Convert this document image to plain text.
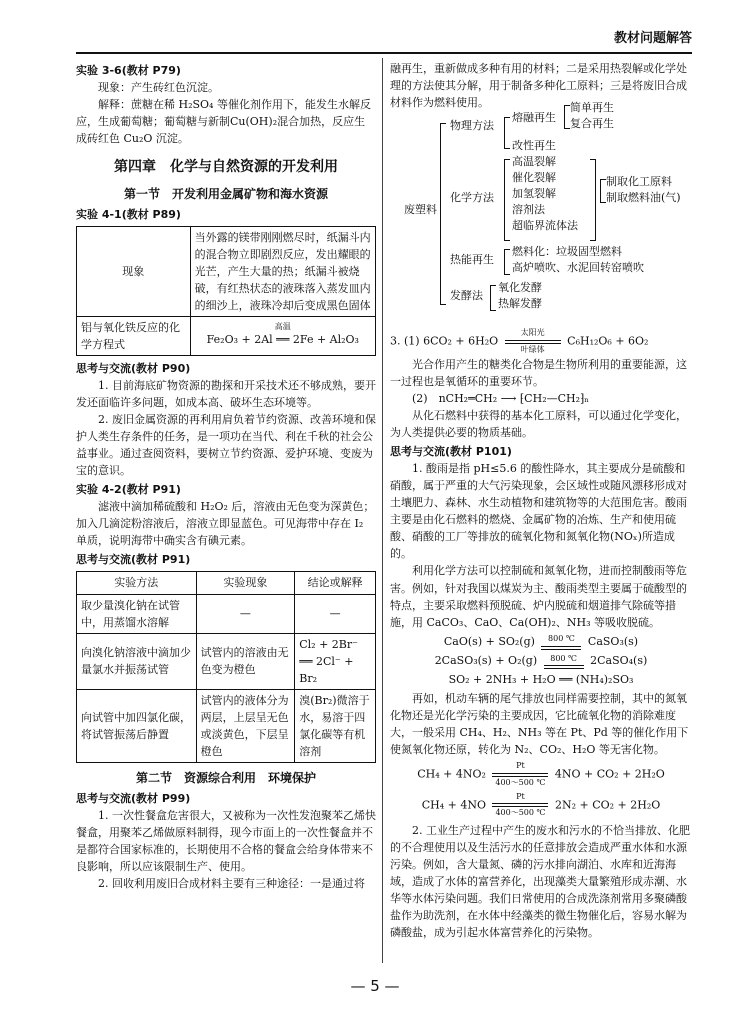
教材问题解答

实验 3-6(教材 P79)

现象：产生砖红色沉淀。

解释：蔗糖在稀 H₂SO₄ 等催化剂作用下，能发生水解反应，生成葡萄糖；葡萄糖与新制Cu(OH)₂混合加热，反应生成砖红色 Cu₂O 沉淀。

第四章　化学与自然资源的开发利用

第一节　开发利用金属矿物和海水资源

实验 4-1(教材 P89)

现象	当外露的镁带刚刚燃尽时，纸漏斗内的混合物立即剧烈反应，发出耀眼的光芒，产生大量的热；纸漏斗被烧破，有红热状态的液珠落入蒸发皿内的细沙上，液珠冷却后变成黑色固体
铝与氧化铁反应的化学方程式	高温
Fe₂O₃ + 2Al ══ 2Fe + Al₂O₃

思考与交流(教材 P90)

1. 目前海底矿物资源的勘探和开采技术还不够成熟，要开发还面临许多问题，如成本高、破坏生态环境等。

2. 废旧金属资源的再利用肩负着节约资源、改善环境和保护人类生存条件的任务，是一项功在当代、利在千秋的社会公益事业。通过查阅资料，要树立节约资源、爱护环境、变废为宝的意识。

实验 4-2(教材 P91)

滤液中滴加稀硫酸和 H₂O₂ 后，溶液由无色变为深黄色；加入几滴淀粉溶液后，溶液立即显蓝色。可见海带中存在 I₂ 单质，说明海带中确实含有碘元素。

思考与交流(教材 P91)

实验方法	实验现象	结论或解释
取少量溴化钠在试管中，用蒸馏水溶解	—	—
向溴化钠溶液中滴加少量氯水并振荡试管	试管内的溶液由无色变为橙色	Cl₂ + 2Br⁻ ══ 2Cl⁻ + Br₂
向试管中加四氯化碳，将试管振荡后静置	试管内的液体分为两层，上层呈无色或淡黄色，下层呈橙色	溴(Br₂)微溶于水，易溶于四氯化碳等有机溶剂

第二节　资源综合利用　环境保护

思考与交流(教材 P99)

1. 一次性餐盒危害很大，又被称为一次性发泡聚苯乙烯快餐盒，用聚苯乙烯做原料制得，现今市面上的一次性餐盒并不是都符合国家标准的，长期使用不合格的餐盒会给身体带来不良影响，所以应该限制生产、使用。

2. 回收利用废旧合成材料主要有三种途径：一是通过将

融再生，重新做成多种有用的材料；二是采用热裂解或化学处理的方法使其分解，用于制备多种化工原料；三是将废旧合成材料作为燃料使用。

废塑料
物理方法
熔融再生
简单再生
复合再生
改性再生
化学方法
高温裂解
催化裂解
加氢裂解
溶剂法
超临界流体法
制取化工原料
制取燃料油(气)
热能再生
燃料化：垃圾固型燃料
高炉喷吹、水泥回转窑喷吹
发酵法
氧化发酵
热解发酵

3. (1) 6CO₂ + 6H₂O
太阳光
叶绿体
C₆H₁₂O₆ + 6O₂

光合作用产生的糖类化合物是生物所利用的重要能源，这一过程也是氧循环的重要环节。

(2)　nCH₂═CH₂ ⟶ ⁅CH₂—CH₂⁆ₙ

从化石燃料中获得的基本化工原料，可以通过化学变化，为人类提供必要的物质基础。

思考与交流(教材 P101)

1. 酸雨是指 pH≤5.6 的酸性降水，其主要成分是硫酸和硝酸，属于严重的大气污染现象，会区域性或随风漂移形成对土壤肥力、森林、水生动植物和建筑物等的大范围危害。酸雨主要是由化石燃料的燃烧、金属矿物的冶炼、生产和使用硫酸、硝酸的工厂等排放的硫氧化物和氮氧化物(NOₓ)所造成的。

利用化学方法可以控制硫和氮氧化物，进而控制酸雨等危害。例如，针对我国以煤炭为主、酸雨类型主要属于硫酸型的特点，主要采取燃料预脱硫、炉内脱硫和烟道排气除硫等措施，用 CaCO₃、CaO、Ca(OH)₂、NH₃ 等吸收脱硫。

CaO(s) + SO₂(g)	800 ℃	CaSO₃(s)

2CaSO₃(s) + O₂(g)	800 ℃	2CaSO₄(s)

SO₂ + 2NH₃ + H₂O ══ (NH₄)₂SO₃

再如，机动车辆的尾气排放也同样需要控制，其中的氮氧化物还是光化学污染的主要成因，它比硫氧化物的消除难度大，一般采用 CH₄、H₂、NH₃ 等在 Pt、Pd 等的催化作用下使氮氧化物还原，转化为 N₂、CO₂、H₂O 等无害化物。

$CH_4 + 4NO_2 \frac{Pt}{400\sim 500 ℃} 4NO + CO_2 + 2H_2O$

$CH_4 + 4NO \frac{Pt}{400\sim 500 ℃} 2N_2 + CO_2 + 2H_2O$

2. 工业生产过程中产生的废水和污水的不恰当排放、化肥的不合理使用以及生活污水的任意排放会造成严重水体和水源污染。例如，含大量氮、磷的污水排向湖泊、水库和近海海域，造成了水体的富营养化，出现藻类大量繁殖形成赤潮、水华等水体污染问题。我们日常使用的合成洗涤剂常用多聚磷酸盐作为助洗剂，在水体中经藻类的微生物催化后，容易水解为磷酸盐，成为引起水体富营养化的污染物。

— 5 —
